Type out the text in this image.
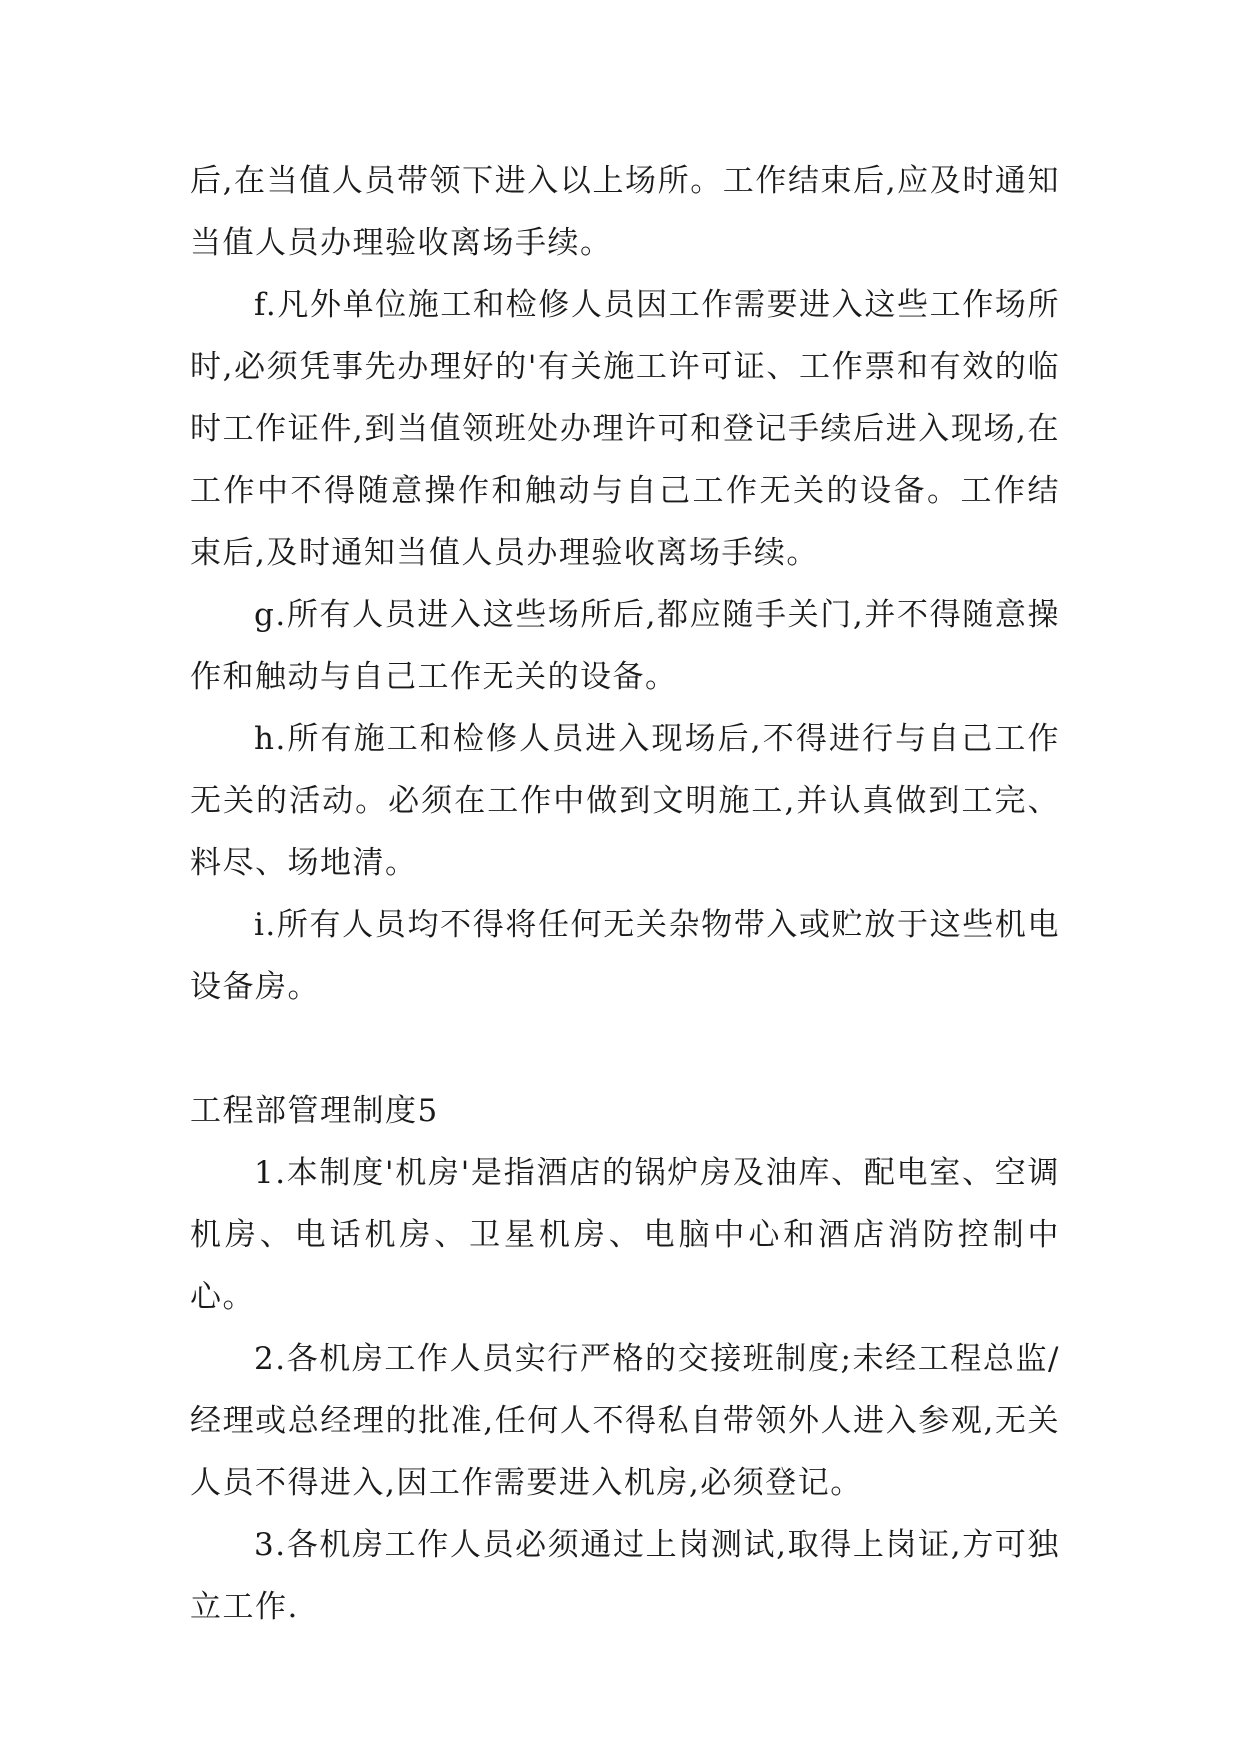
后,在当值人员带领下进入以上场所。工作结束后,应及时通知当值人员办理验收离场手续。

f.凡外单位施工和检修人员因工作需要进入这些工作场所时,必须凭事先办理好的'有关施工许可证、工作票和有效的临时工作证件,到当值领班处办理许可和登记手续后进入现场,在工作中不得随意操作和触动与自己工作无关的设备。工作结束后,及时通知当值人员办理验收离场手续。

g.所有人员进入这些场所后,都应随手关门,并不得随意操作和触动与自己工作无关的设备。

h.所有施工和检修人员进入现场后,不得进行与自己工作无关的活动。必须在工作中做到文明施工,并认真做到工完、料尽、场地清。

i.所有人员均不得将任何无关杂物带入或贮放于这些机电设备房。

工程部管理制度5

1.本制度'机房'是指酒店的锅炉房及油库、配电室、空调机房、电话机房、卫星机房、电脑中心和酒店消防控制中心。

2.各机房工作人员实行严格的交接班制度;未经工程总监/经理或总经理的批准,任何人不得私自带领外人进入参观,无关人员不得进入,因工作需要进入机房,必须登记。

3.各机房工作人员必须通过上岗测试,取得上岗证,方可独立工作.
